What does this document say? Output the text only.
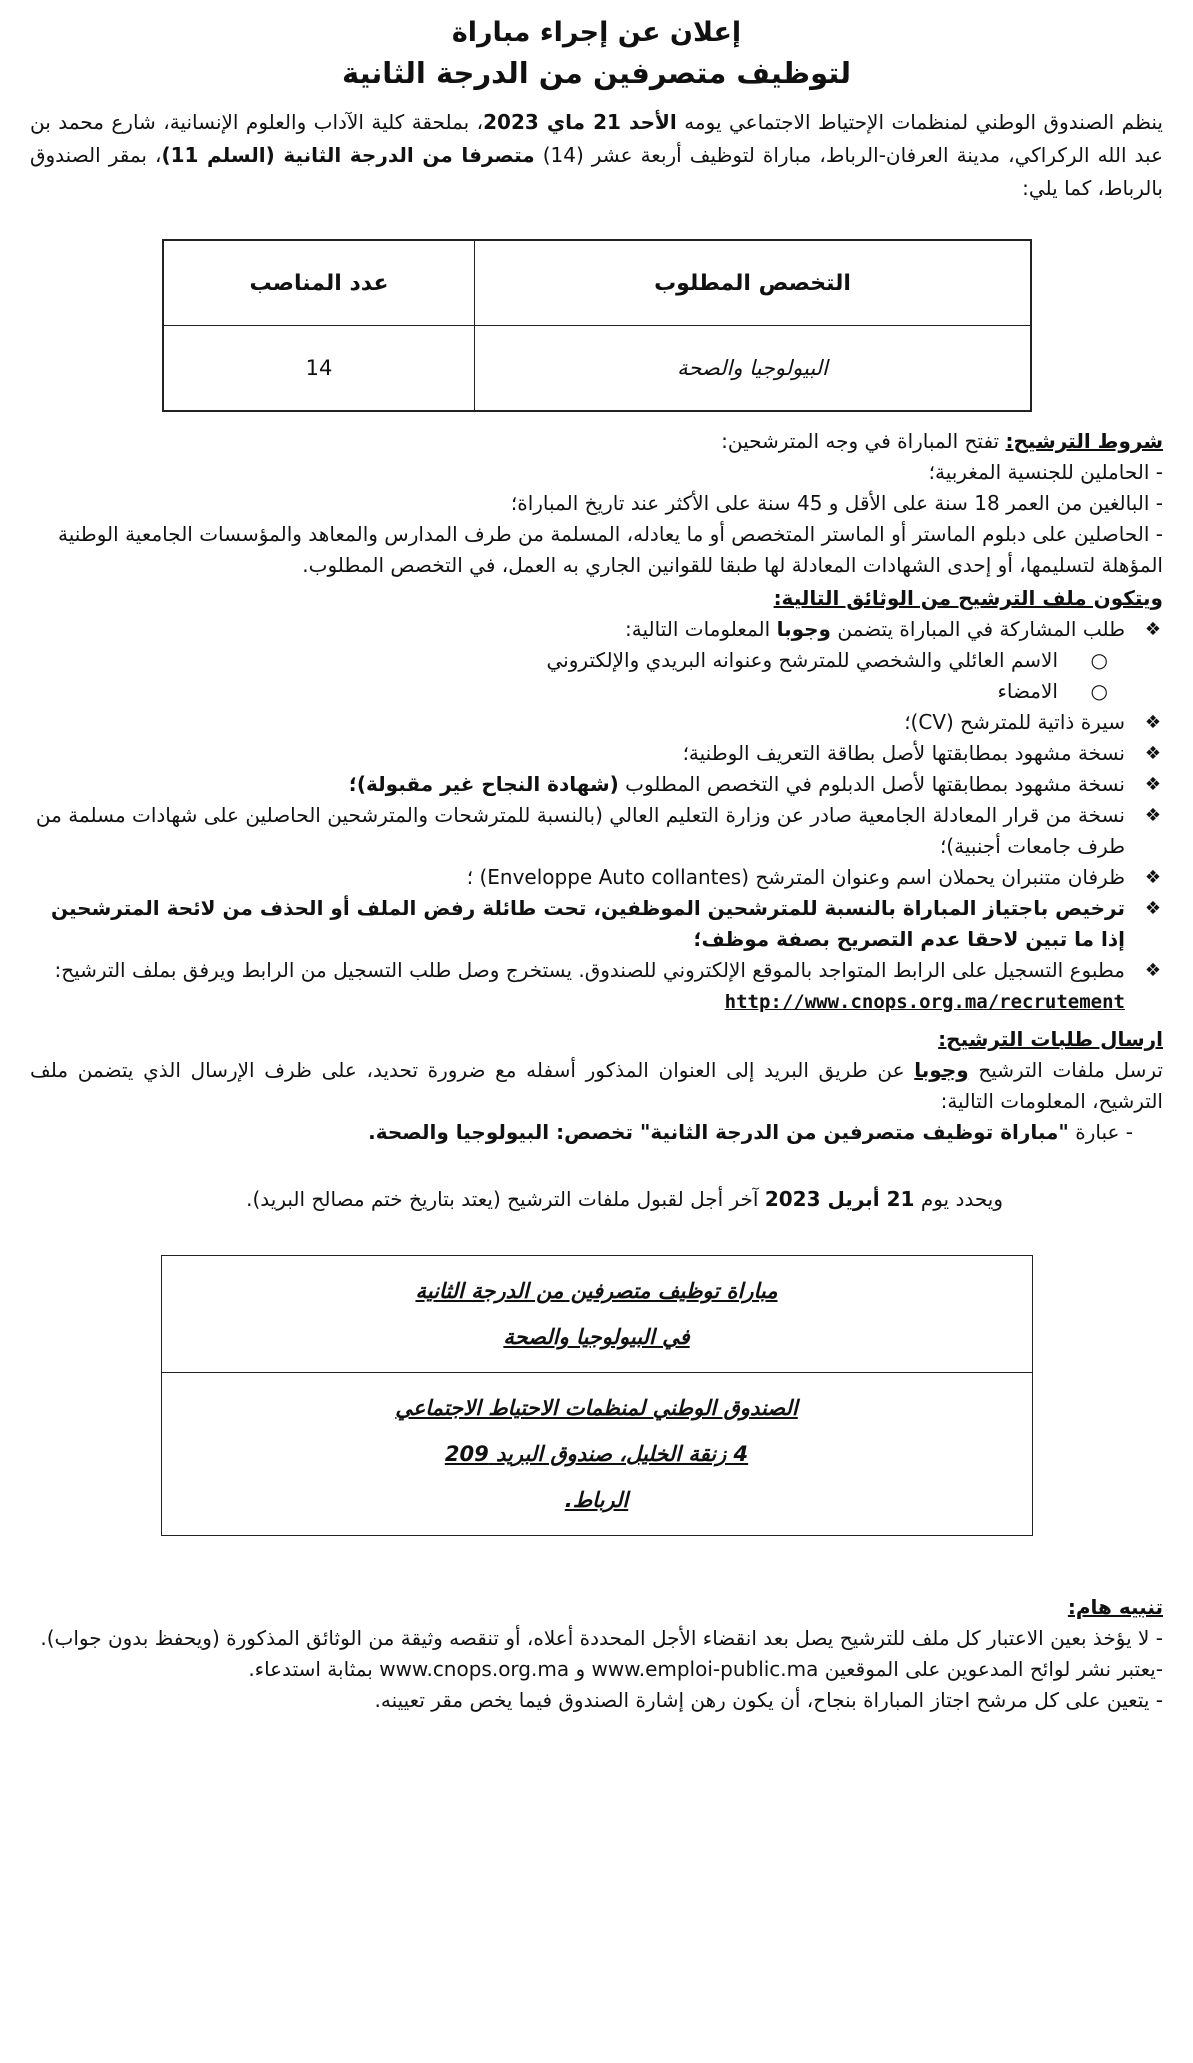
إعلان عن إجراء مباراة
لتوظيف متصرفين من الدرجة الثانية

ينظم الصندوق الوطني لمنظمات الإحتياط الاجتماعي يومه الأحد 21 ماي 2023، بملحقة كلية الآداب والعلوم الإنسانية، شارع محمد بن عبد الله الركراكي، مدينة العرفان-الرباط، مباراة لتوظيف أربعة عشر (14) متصرفا من الدرجة الثانية (السلم 11)، بمقر الصندوق بالرباط، كما يلي:

التخصص المطلوب	عدد المناصب
البيولوجيا والصحة	14

شروط الترشيح: تفتح المباراة في وجه المترشحين:

- الحاملين للجنسية المغربية؛
- البالغين من العمر 18 سنة على الأقل و 45 سنة على الأكثر عند تاريخ المباراة؛
- الحاصلين على دبلوم الماستر أو الماستر المتخصص أو ما يعادله، المسلمة من طرف المدارس والمعاهد والمؤسسات الجامعية الوطنية المؤهلة لتسليمها، أو إحدى الشهادات المعادلة لها طبقا للقوانين الجاري به العمل، في التخصص المطلوب.

ويتكون ملف الترشيح من الوثائق التالية:

❖
طلب المشاركة في المباراة يتضمن وجوبا المعلومات التالية:
○
الاسم العائلي والشخصي للمترشح وعنوانه البريدي والإلكتروني
○
الامضاء
❖
سيرة ذاتية للمترشح (CV)؛
❖
نسخة مشهود بمطابقتها لأصل بطاقة التعريف الوطنية؛
❖
نسخة مشهود بمطابقتها لأصل الدبلوم في التخصص المطلوب (شهادة النجاح غير مقبولة)؛
❖
نسخة من قرار المعادلة الجامعية صادر عن وزارة التعليم العالي (بالنسبة للمترشحات والمترشحين الحاصلين على شهادات مسلمة من طرف جامعات أجنبية)؛
❖
ظرفان متنبران يحملان اسم وعنوان المترشح (Enveloppe Auto collantes) ؛
❖
ترخيص باجتياز المباراة بالنسبة للمترشحين الموظفين، تحت طائلة رفض الملف أو الحذف من لائحة المترشحين إذا ما تبين لاحقا عدم التصريح بصفة موظف؛
❖
مطبوع التسجيل على الرابط المتواجد بالموقع الإلكتروني للصندوق. يستخرج وصل طلب التسجيل من الرابط ويرفق بملف الترشيح: http://www.cnops.org.ma/recrutement

ارسال طلبات الترشيح:

ترسل ملفات الترشيح وجوبا عن طريق البريد إلى العنوان المذكور أسفله مع ضرورة تحديد، على ظرف الإرسال الذي يتضمن ملف الترشيح، المعلومات التالية:

- عبارة "مباراة توظيف متصرفين من الدرجة الثانية" تخصص: البيولوجيا والصحة.

ويحدد يوم 21 أبريل 2023 آخر أجل لقبول ملفات الترشيح (يعتد بتاريخ ختم مصالح البريد).

مباراة توظيف متصرفين من الدرجة الثانية
في البيولوجيا والصحة
الصندوق الوطني لمنظمات الاحتياط الاجتماعي
4 زنقة الخليل، صندوق البريد 209
الرباط.

تنبيه هام:

- لا يؤخذ بعين الاعتبار كل ملف للترشيح يصل بعد انقضاء الأجل المحددة أعلاه، أو تنقصه وثيقة من الوثائق المذكورة (ويحفظ بدون جواب).

-يعتبر نشر لوائح المدعوين على الموقعين www.emploi-public.ma و www.cnops.org.ma بمثابة استدعاء.

- يتعين على كل مرشح اجتاز المباراة بنجاح، أن يكون رهن إشارة الصندوق فيما يخص مقر تعيينه.
